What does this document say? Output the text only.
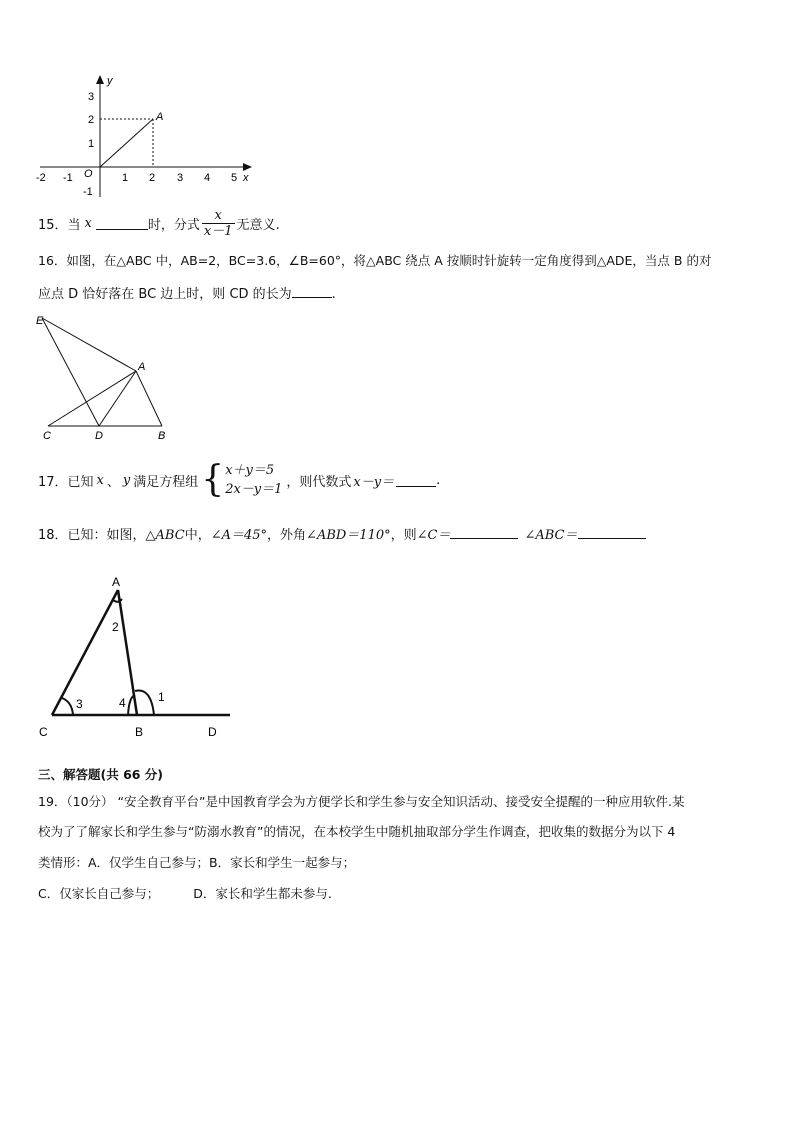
y
A
3
2
1
-1
O
-2 -1	1 2 3 4 5 x
15．当 x	时，分式 $\frac{x}{x-1}$ 无意义.
16．如图，在△ABC 中，AB=2，BC=3.6，∠B=60°，将△ABC 绕点 A 按顺时针旋转一定角度得到△ADE，当点 B 的对
应点 D 恰好落在 BC 边上时，则 CD 的长为	.
E
A
C	D	B
17．已知 x 、 y 满足方程组 { x＋y＝5
2x－y＝1 ，则代数式 x－y＝	.
18．已知：如图，△ABC中，∠A＝45°，外角∠ABD＝110°，则∠C＝	∠ABC＝
A
2
1
3	4
C	B	D
三、解答题(共 66 分)
19．（10分） “安全教育平台”是中国教育学会为方便学长和学生参与安全知识活动、接受安全提醒的一种应用软件.某
校为了了解家长和学生参与“防溺水教育”的情况，在本校学生中随机抽取部分学生作调查，把收集的数据分为以下 4
类情形：A．仅学生自己参与；B．家长和学生一起参与；
C．仅家长自己参与；	D．家长和学生都未参与.
